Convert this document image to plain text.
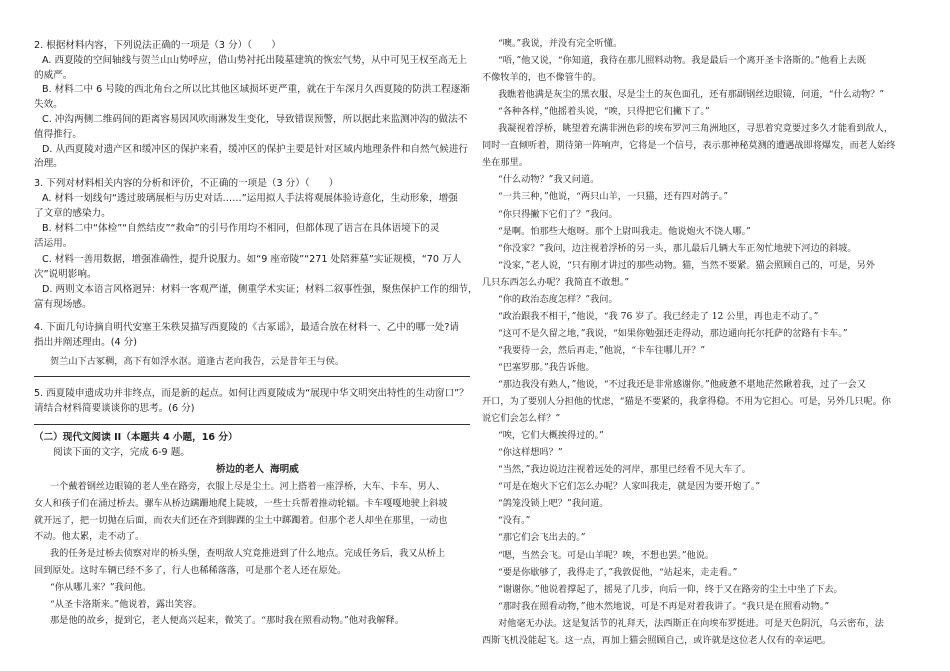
2. 根据材料内容，下列说法正确的一项是（3 分）（　　）
A. 西夏陵的空间轴线与贺兰山山势呼应，借山势衬托出陵墓建筑的恢宏气势，从中可见王权至高无上
的威严。
B. 材料二中 6 号陵的西北角台之所以比其他区域损坏更严重，就在于车深月久西夏陵的防洪工程逐渐
失效。
C. 冲沟两侧二维码间的距离容易因风吹雨淋发生变化，导致错误预警，所以据此来监测冲沟的做法不
值得推行。
D. 从西夏陵对遗产区和缓冲区的保护来看，缓冲区的保护主要是针对区域内地理条件和自然气候进行
治理。
3. 下列对材料相关内容的分析和评价，不正确的一项是（3 分）（　　）
A. 材料一划线句“透过玻璃展柜与历史对话……”运用拟人手法将观展体验诗意化，生动形象，增强
了文章的感染力。
B. 材料二中“体检”“自然结皮”“救命”的引号作用均不相同，但都体现了语言在具体语境下的灵
活运用。
C. 材料一善用数据，增强准确性，提升说服力。如“9 座帝陵”“271 处陪葬墓”实证规模，“70 万人
次”说明影响。
D. 两则文本语言风格迥异：材料一客观严谨，侧重学术实证；材料二叙事性强，聚焦保护工作的细节，
富有现场感。
4. 下面几句诗摘自明代安塞王朱秩炅描写西夏陵的《古冢谣》，最适合放在材料一、乙中的哪一处?请
指出并阐述理由。(4 分)
贺兰山下古冢稠，高下有如浮水沤。道逢古老向我告，云是昔年王与侯。
5. 西夏陵申遗成功并非终点，而是新的起点。如何让西夏陵成为“展现中华文明突出特性的生动窗口”？
请结合材料简要谈谈你的思考。(6 分)
（二）现代文阅读 II（本题共 4 小题，16 分）
阅读下面的文字，完成 6-9 题。
桥边的老人 海明威
一个戴着钢丝边眼镜的老人坐在路旁，衣服上尽是尘土。河上搭着一座浮桥，大车、卡车、男人、
女人和孩子们在涌过桥去。骡车从桥边蹒跚地爬上陡坡，一些士兵帮着推动轮辐。卡车嘎嘎地驶上斜坡
就开远了，把一切抛在后面，而农夫们还在齐到脚踝的尘土中踯躅着。但那个老人却坐在那里，一动也
不动。他太累，走不动了。
我的任务是过桥去侦察对岸的桥头堡，查明敌人究竟推进到了什么地点。完成任务后，我又从桥上
回到原处。这时车辆已经不多了，行人也稀稀落落，可是那个老人还在原处。
“你从哪儿来？”我问他。
“从圣卡洛斯来。”他说着，露出笑容。
那是他的故乡，提到它，老人便高兴起来，微笑了。“那时我在照看动物。”他对我解释。
“噢。”我说，并没有完全听懂。
“唔，”他又说，“你知道，我待在那儿照料动物。我是最后一个离开圣卡洛斯的。”他看上去既
不像牧羊的，也不像管牛的。
我瞧着他满是灰尘的黑衣服、尽是尘土的灰色面孔，还有那副钢丝边眼镜，问道，“什么动物？”
“各种各样，”他摇着头说，“唉，只得把它们撇下了。”
我凝视着浮桥，眺望着充满非洲色彩的埃布罗河三角洲地区，寻思着究竟要过多久才能看到敌人，
同时一直倾听着，期待第一阵响声，它将是一个信号，表示那神秘莫测的遭遇战即将爆发，而老人始终
坐在那里。
“什么动物？”我又问道。
“一共三种，”他说，“两只山羊，一只猫，还有四对鸽子。”
“你只得撇下它们了？”我问。
“是啊。怕那些大炮呀。那个上尉叫我走。他说炮火不饶人哪。”
“你没家？”我问，边注视着浮桥的另一头，那儿最后几辆大车正匆忙地驶下河边的斜坡。
“没家，”老人说，“只有刚才讲过的那些动物。猫，当然不要紧。猫会照顾自己的，可是，另外
几只东西怎么办呢？我简直不敢想。”
“你的政治态度怎样？”我问。
“政治跟我不相干，”他说，“我 76 岁了。我已经走了 12 公里，再也走不动了。”
“这可不是久留之地，”我说，“如果你勉强还走得动，那边通向托尔托萨的岔路有卡车。”
“我要待一会，然后再走，”他说，“卡车往哪儿开？”
“巴塞罗那。”我告诉他。
“那边我没有熟人，”他说，“不过我还是非常感谢你。”他疲惫不堪地茫然瞅着我，过了一会又
开口，为了要别人分担他的忧虑，“猫是不要紧的，我拿得稳。不用为它担心。可是，另外几只呢。你
说它们会怎么样？”
“唉，它们大概挨得过的。”
“你这样想吗？”
“当然，”我边说边注视着远处的河岸，那里已经看不见大车了。
“可是在炮火下它们怎么办呢？人家叫我走，就是因为要开炮了。”
“鸽笼没锁上吧？”我问道。
“没有。”
“那它们会飞出去的。”
“嗯，当然会飞。可是山羊呢？唉，不想也罢。”他说。
“要是你歇够了，我得走了，”我敦促他，“站起来，走走看。”
“谢谢你。”他说着撑起了，摇晃了几步，向后一仰，终于又在路旁的尘土中坐了下去。
“那时我在照看动物，”他木然地说，可是不再是对着我讲了。“我只是在照看动物。”
对他毫无办法。这是复活节的礼拜天，法西斯正在向埃布罗挺进。可是天色阴沉，乌云密布，法
西斯飞机没能起飞。这一点，再加上猫会照顾自己，或许就是这位老人仅有的幸运吧。
